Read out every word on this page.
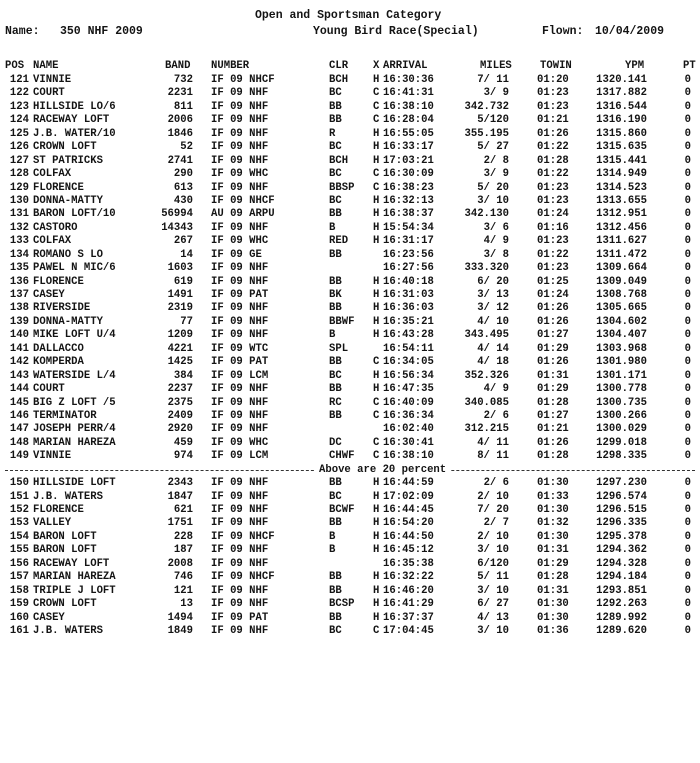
Open and Sportsman Category
Name: 350 NHF 2009	Young Bird Race(Special)	Flown: 10/04/2009
POS NAME	BAND NUMBER	CLR X ARRIVAL	MILES	TOWIN	YPM	PT
121 VINNIE	732 IF 09 NHCF	BCH H 16:30:36	7/ 11	01:20	1320.141	0
122 COURT	2231 IF 09 NHF	BC	C 16:41:31	3/ 9	01:23	1317.882	0
123 HILLSIDE LO/6	811 IF 09 NHF	BB	C 16:38:10	342.732	01:23	1316.544	0
124 RACEWAY LOFT	2006 IF 09 NHF	BB	C 16:28:04	5/120	01:21	1316.190	0
125 J.B. WATER/10	1846 IF 09 NHF	R	H 16:55:05	355.195	01:26	1315.860	0
126 CROWN LOFT	52 IF 09 NHF	BC	H 16:33:17	5/ 27	01:22	1315.635	0
127 ST PATRICKS	2741 IF 09 NHF	BCH H 17:03:21	2/ 8	01:28	1315.441	0
128 COLFAX	290 IF 09 WHC	BC	C 16:30:09	3/ 9	01:22	1314.949	0
129 FLORENCE	613 IF 09 NHF	BBSP C 16:38:23	5/ 20	01:23	1314.523	0
130 DONNA-MATTY	430 IF 09 NHCF	BC	H 16:32:13	3/ 10	01:23	1313.655	0
131 BARON LOFT/10	56994 AU 09 ARPU	BB	H 16:38:37	342.130	01:24	1312.951	0
132 CASTORO	14343 IF 09 NHF	B	H 15:54:34	3/ 6	01:16	1312.456	0
133 COLFAX	267 IF 09 WHC	RED H 16:31:17	4/ 9	01:23	1311.627	0
134 ROMANO S LO	14 IF 09 GE	BB	16:23:56	3/ 8	01:22	1311.472	0
135 PAWEL N MIC/6	1603 IF 09 NHF	16:27:56	333.320	01:23	1309.664	0
136 FLORENCE	619 IF 09 NHF	BB	H 16:40:18	6/ 20	01:25	1309.049	0
137 CASEY	1491 IF 09 PAT	BK	H 16:31:03	3/ 13	01:24	1308.768	0
138 RIVERSIDE	2319 IF 09 NHF	BB	H 16:36:03	3/ 12	01:26	1305.665	0
139 DONNA-MATTY	77 IF 09 NHF	BBWF H 16:35:21	4/ 10	01:26	1304.602	0
140 MIKE LOFT U/4	1209 IF 09 NHF	B	H 16:43:28	343.495	01:27	1304.407	0
141 DALLACCO	4221 IF 09 WTC	SPL	16:54:11	4/ 14	01:29	1303.968	0
142 KOMPERDA	1425 IF 09 PAT	BB	C 16:34:05	4/ 18	01:26	1301.980	0
143 WATERSIDE L/4	384 IF 09 LCM	BC	H 16:56:34	352.326	01:31	1301.171	0
144 COURT	2237 IF 09 NHF	BB	H 16:47:35	4/ 9	01:29	1300.778	0
145 BIG Z LOFT /5	2375 IF 09 NHF	RC	C 16:40:09	340.085	01:28	1300.735	0
146 TERMINATOR	2409 IF 09 NHF	BB	C 16:36:34	2/ 6	01:27	1300.266	0
147 JOSEPH PERR/4	2920 IF 09 NHF	16:02:40	312.215	01:21	1300.029	0
148 MARIAN HAREZA	459 IF 09 WHC	DC	C 16:30:41	4/ 11	01:26	1299.018	0
149 VINNIE	974 IF 09 LCM	CHWF C 16:38:10	8/ 11	01:28	1298.335	0
Above are 20 percent
150 HILLSIDE LOFT	2343 IF 09 NHF	BB	H 16:44:59	2/ 6	01:30	1297.230	0
151 J.B. WATERS	1847 IF 09 NHF	BC	H 17:02:09	2/ 10	01:33	1296.574	0
152 FLORENCE	621 IF 09 NHF	BCWF H 16:44:45	7/ 20	01:30	1296.515	0
153 VALLEY	1751 IF 09 NHF	BB	H 16:54:20	2/ 7	01:32	1296.335	0
154 BARON LOFT	228 IF 09 NHCF	B	H 16:44:50	2/ 10	01:30	1295.378	0
155 BARON LOFT	187 IF 09 NHF	B	H 16:45:12	3/ 10	01:31	1294.362	0
156 RACEWAY LOFT	2008 IF 09 NHF	16:35:38	6/120	01:29	1294.328	0
157 MARIAN HAREZA	746 IF 09 NHCF	BB	H 16:32:22	5/ 11	01:28	1294.184	0
158 TRIPLE J LOFT	121 IF 09 NHF	BB	H 16:46:20	3/ 10	01:31	1293.851	0
159 CROWN LOFT	13 IF 09 NHF	BCSP H 16:41:29	6/ 27	01:30	1292.263	0
160 CASEY	1494 IF 09 PAT	BB	H 16:37:37	4/ 13	01:30	1289.992	0
161 J.B. WATERS	1849 IF 09 NHF	BC	C 17:04:45	3/ 10	01:36	1289.620	0
